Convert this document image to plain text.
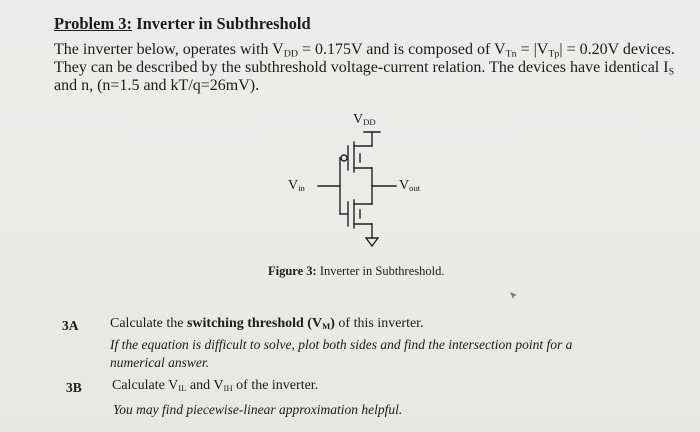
Problem 3: Inverter in Subthreshold
The inverter below, operates with $V_{DD} = 0.175V$ and is composed of $V_{Tn} = |V_{Tp}| = 0.20V$ devices.
They can be described by the subthreshold voltage-current relation. The devices have identical $I_S$
and n, (n=1.5 and kT/q=26mV).
$V_{DD}$
$V_{in}$	$V_{out}$
Figure 3: Inverter in Subthreshold.
3A Calculate the switching threshold $(V_M)$ of this inverter.
If the equation is difficult to solve, plot both sides and find the intersection point for a
numerical answer.
3B Calculate $V_{IL}$ and $V_{IH}$ of the inverter.
You may find piecewise-linear approximation helpful.
